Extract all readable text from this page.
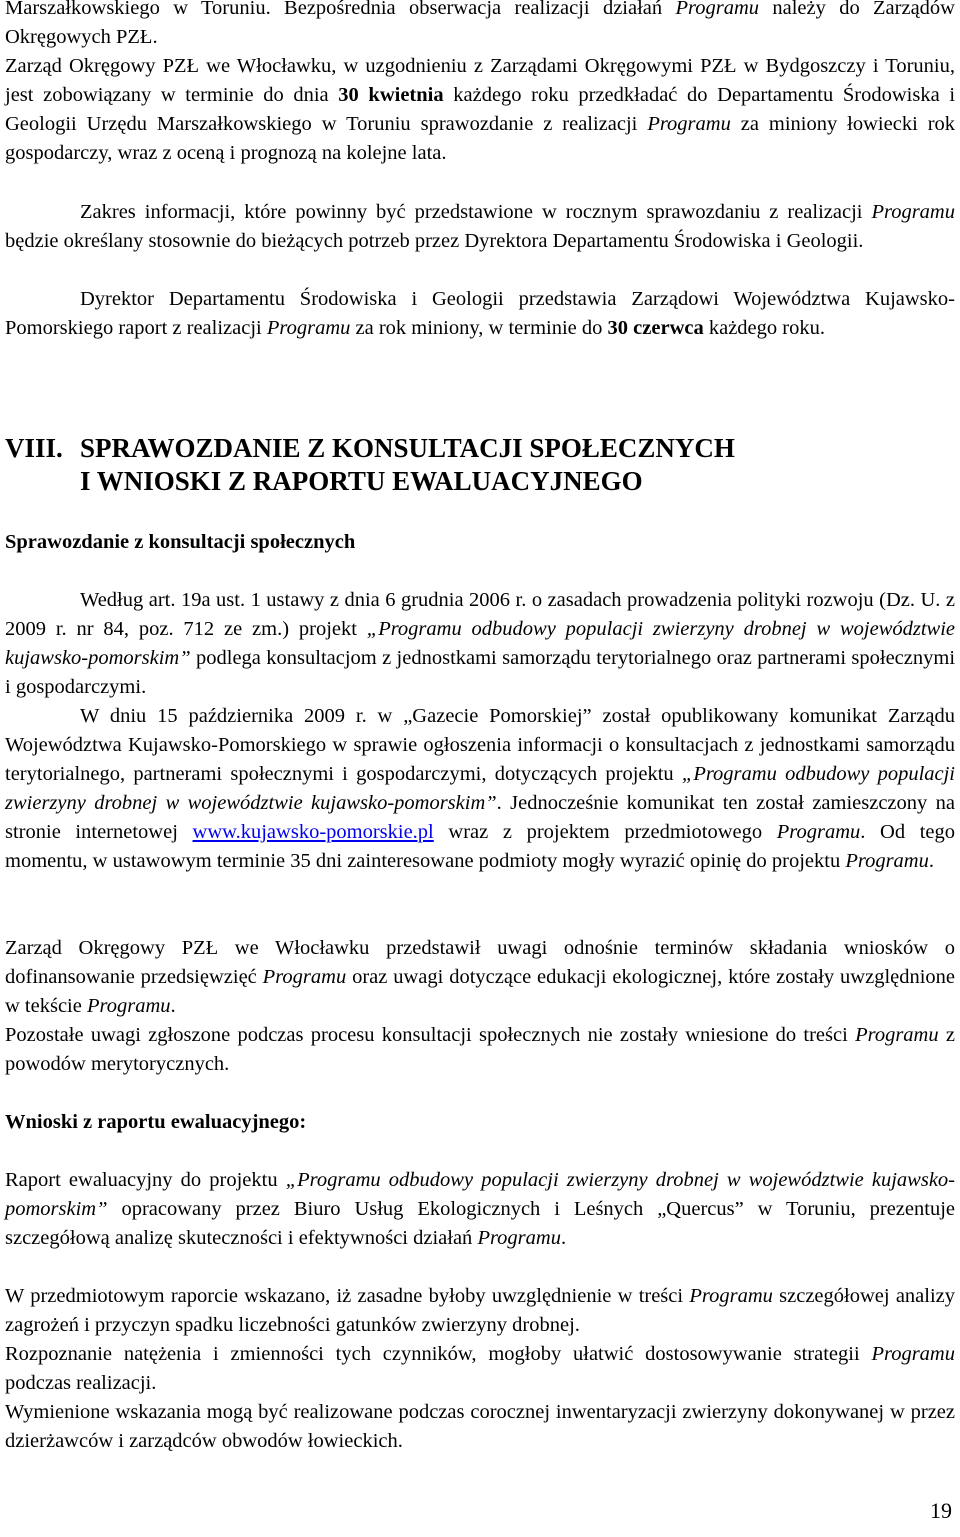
Marszałkowskiego w Toruniu. Bezpośrednia obserwacja realizacji działań Programu należy do Zarządów Okręgowych PZŁ.

Zarząd Okręgowy PZŁ we Włocławku, w uzgodnieniu z Zarządami Okręgowymi PZŁ w Bydgoszczy i Toruniu, jest zobowiązany w terminie do dnia 30 kwietnia każdego roku przedkładać do Departamentu Środowiska i Geologii Urzędu Marszałkowskiego w Toruniu sprawozdanie z realizacji Programu za miniony łowiecki rok gospodarczy, wraz z oceną i prognozą na kolejne lata.

Zakres informacji, które powinny być przedstawione w rocznym sprawozdaniu z realizacji Programu będzie określany stosownie do bieżących potrzeb przez Dyrektora Departamentu Środowiska i Geologii.

Dyrektor Departamentu Środowiska i Geologii przedstawia Zarządowi Województwa Kujawsko-Pomorskiego raport z realizacji Programu za rok miniony, w terminie do 30 czerwca każdego roku.

VIII. SPRAWOZDANIE Z KONSULTACJI SPOŁECZNYCH
I WNIOSKI Z RAPORTU EWALUACYJNEGO

Sprawozdanie z konsultacji społecznych

Według art. 19a ust. 1 ustawy z dnia 6 grudnia 2006 r. o zasadach prowadzenia polityki rozwoju (Dz. U. z 2009 r. nr 84, poz. 712 ze zm.) projekt „Programu odbudowy populacji zwierzyny drobnej w województwie kujawsko-pomorskim” podlega konsultacjom z jednostkami samorządu terytorialnego oraz partnerami społecznymi i gospodarczymi.

W dniu 15 października 2009 r. w „Gazecie Pomorskiej” został opublikowany komunikat Zarządu Województwa Kujawsko-Pomorskiego w sprawie ogłoszenia informacji o konsultacjach z jednostkami samorządu terytorialnego, partnerami społecznymi i gospodarczymi, dotyczących projektu „Programu odbudowy populacji zwierzyny drobnej w województwie kujawsko-pomorskim”. Jednocześnie komunikat ten został zamieszczony na stronie internetowej www.kujawsko-pomorskie.pl wraz z projektem przedmiotowego Programu. Od tego momentu, w ustawowym terminie 35 dni zainteresowane podmioty mogły wyrazić opinię do projektu Programu.

Zarząd Okręgowy PZŁ we Włocławku przedstawił uwagi odnośnie terminów składania wniosków o dofinansowanie przedsięwzięć Programu oraz uwagi dotyczące edukacji ekologicznej, które zostały uwzględnione w tekście Programu.

Pozostałe uwagi zgłoszone podczas procesu konsultacji społecznych nie zostały wniesione do treści Programu z powodów merytorycznych.

Wnioski z raportu ewaluacyjnego:

Raport ewaluacyjny do projektu „Programu odbudowy populacji zwierzyny drobnej w województwie kujawsko-pomorskim” opracowany przez Biuro Usług Ekologicznych i Leśnych „Quercus” w Toruniu, prezentuje szczegółową analizę skuteczności i efektywności działań Programu.

W przedmiotowym raporcie wskazano, iż zasadne byłoby uwzględnienie w treści Programu szczegółowej analizy zagrożeń i przyczyn spadku liczebności gatunków zwierzyny drobnej.

Rozpoznanie natężenia i zmienności tych czynników, mogłoby ułatwić dostosowywanie strategii Programu podczas realizacji.

Wymienione wskazania mogą być realizowane podczas corocznej inwentaryzacji zwierzyny dokonywanej w przez dzierżawców i zarządców obwodów łowieckich.

19
